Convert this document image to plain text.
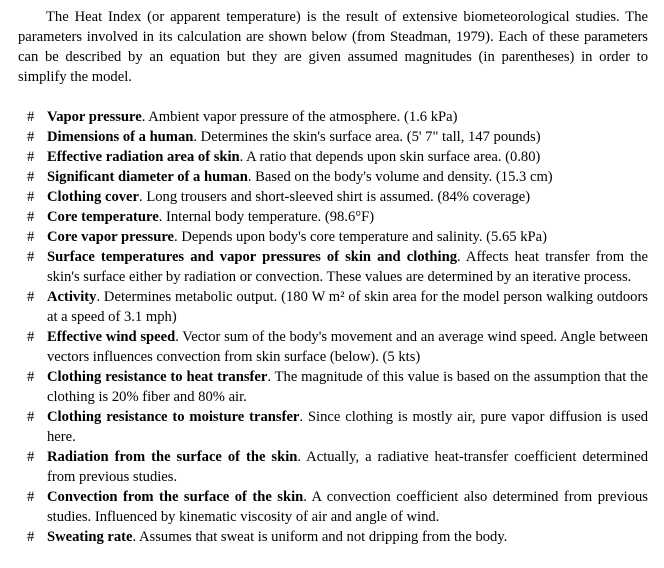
The Heat Index (or apparent temperature) is the result of extensive biometeorological studies. The parameters involved in its calculation are shown below (from Steadman, 1979). Each of these parameters can be described by an equation but they are given assumed magnitudes (in parentheses) in order to simplify the model.

# Vapor pressure. Ambient vapor pressure of the atmosphere. (1.6 kPa)
# Dimensions of a human. Determines the skin's surface area. (5' 7" tall, 147 pounds)
# Effective radiation area of skin. A ratio that depends upon skin surface area. (0.80)
# Significant diameter of a human. Based on the body's volume and density. (15.3 cm)
# Clothing cover. Long trousers and short-sleeved shirt is assumed. (84% coverage)
# Core temperature. Internal body temperature. (98.6°F)
# Core vapor pressure. Depends upon body's core temperature and salinity. (5.65 kPa)
# Surface temperatures and vapor pressures of skin and clothing. Affects heat transfer from the skin's surface either by radiation or convection. These values are determined by an iterative process.
# Activity. Determines metabolic output. (180 W m² of skin area for the model person walking outdoors at a speed of 3.1 mph)
# Effective wind speed. Vector sum of the body's movement and an average wind speed. Angle between vectors influences convection from skin surface (below). (5 kts)
# Clothing resistance to heat transfer. The magnitude of this value is based on the assumption that the clothing is 20% fiber and 80% air.
# Clothing resistance to moisture transfer. Since clothing is mostly air, pure vapor diffusion is used here.
# Radiation from the surface of the skin. Actually, a radiative heat-transfer coefficient determined from previous studies.
# Convection from the surface of the skin. A convection coefficient also determined from previous studies. Influenced by kinematic viscosity of air and angle of wind.
# Sweating rate. Assumes that sweat is uniform and not dripping from the body.
